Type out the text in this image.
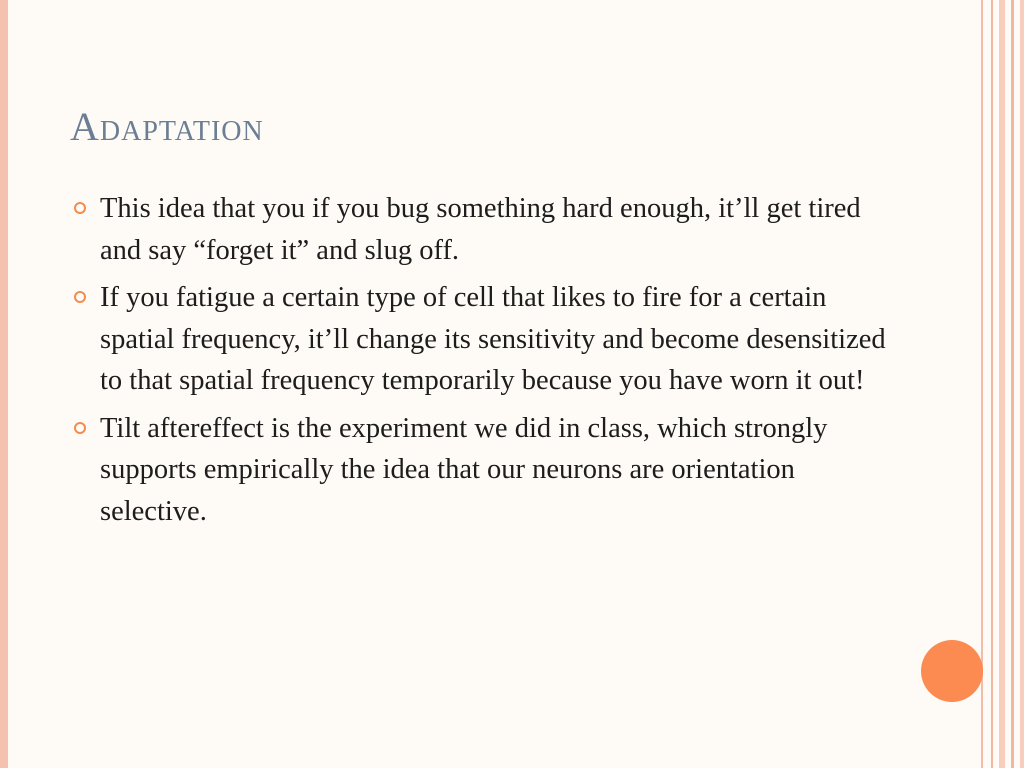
Adaptation
This idea that you if you bug something hard enough, it’ll get tired and say “forget it” and slug off.
If you fatigue a certain type of cell that likes to fire for a certain spatial frequency, it’ll change its sensitivity and become desensitized to that spatial frequency temporarily because you have worn it out!
Tilt aftereffect is the experiment we did in class, which strongly supports empirically the idea that our neurons are orientation selective.
